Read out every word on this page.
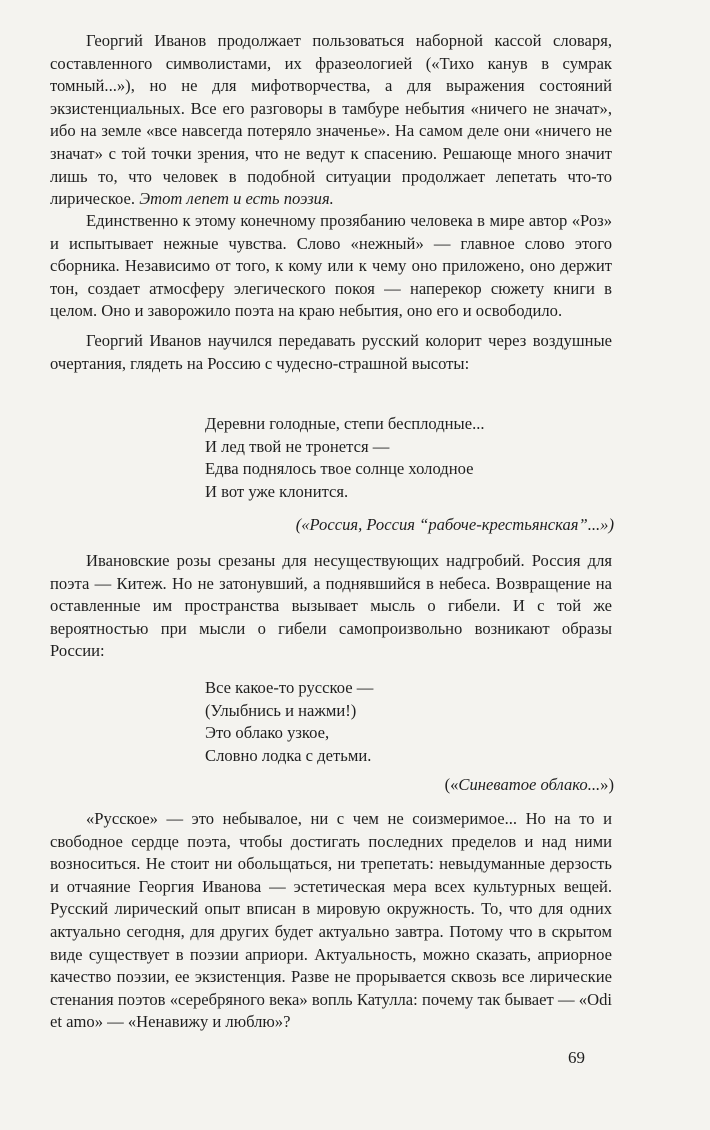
Георгий Иванов продолжает пользоваться наборной кассой словаря, составленного символистами, их фразеологией («Тихо канув в сумрак томный...»), но не для мифотворчества, а для выражения состояний экзистенциальных. Все его разговоры в тамбуре небытия «ничего не значат», ибо на земле «все навсегда потеряло значенье». На самом деле они «ничего не значат» с той точки зрения, что не ведут к спасению. Решающе много значит лишь то, что человек в подобной ситуации продолжает лепетать что-то лирическое. Этот лепет и есть поэзия.

Единственно к этому конечному прозябанию человека в мире автор «Роз» и испытывает нежные чувства. Слово «нежный» — главное слово этого сборника. Независимо от того, к кому или к чему оно приложено, оно держит тон, создает атмосферу элегического покоя — наперекор сюжету книги в целом. Оно и заворожило поэта на краю небытия, оно его и освободило.

Георгий Иванов научился передавать русский колорит через воздушные очертания, глядеть на Россию с чудесно-страшной высоты:

Деревни голодные, степи бесплодные...
И лед твой не тронется —
Едва поднялось твое солнце холодное
И вот уже клонится.

(«Россия, Россия “рабоче-крестьянская”...»)

Ивановские розы срезаны для несуществующих надгробий. Россия для поэта — Китеж. Но не затонувший, а поднявшийся в небеса. Возвращение на оставленные им пространства вызывает мысль о гибели. И с той же вероятностью при мысли о гибели самопроизвольно возникают образы России:

Все какое-то русское —
(Улыбнись и нажми!)
Это облако узкое,
Словно лодка с детьми.

(«Синеватое облако...»)

«Русское» — это небывалое, ни с чем не соизмеримое... Но на то и свободное сердце поэта, чтобы достигать последних пределов и над ними возноситься. Не стоит ни обольщаться, ни трепетать: невыдуманные дерзость и отчаяние Георгия Иванова — эстетическая мера всех культурных вещей. Русский лирический опыт вписан в мировую окружность. То, что для одних актуально сегодня, для других будет актуально завтра. Потому что в скрытом виде существует в поэзии априори. Актуальность, можно сказать, априорное качество поэзии, ее экзистенция. Разве не прорывается сквозь все лирические стенания поэтов «серебряного века» вопль Катулла: почему так бывает — «Odi et amo» — «Ненавижу и люблю»?

69
